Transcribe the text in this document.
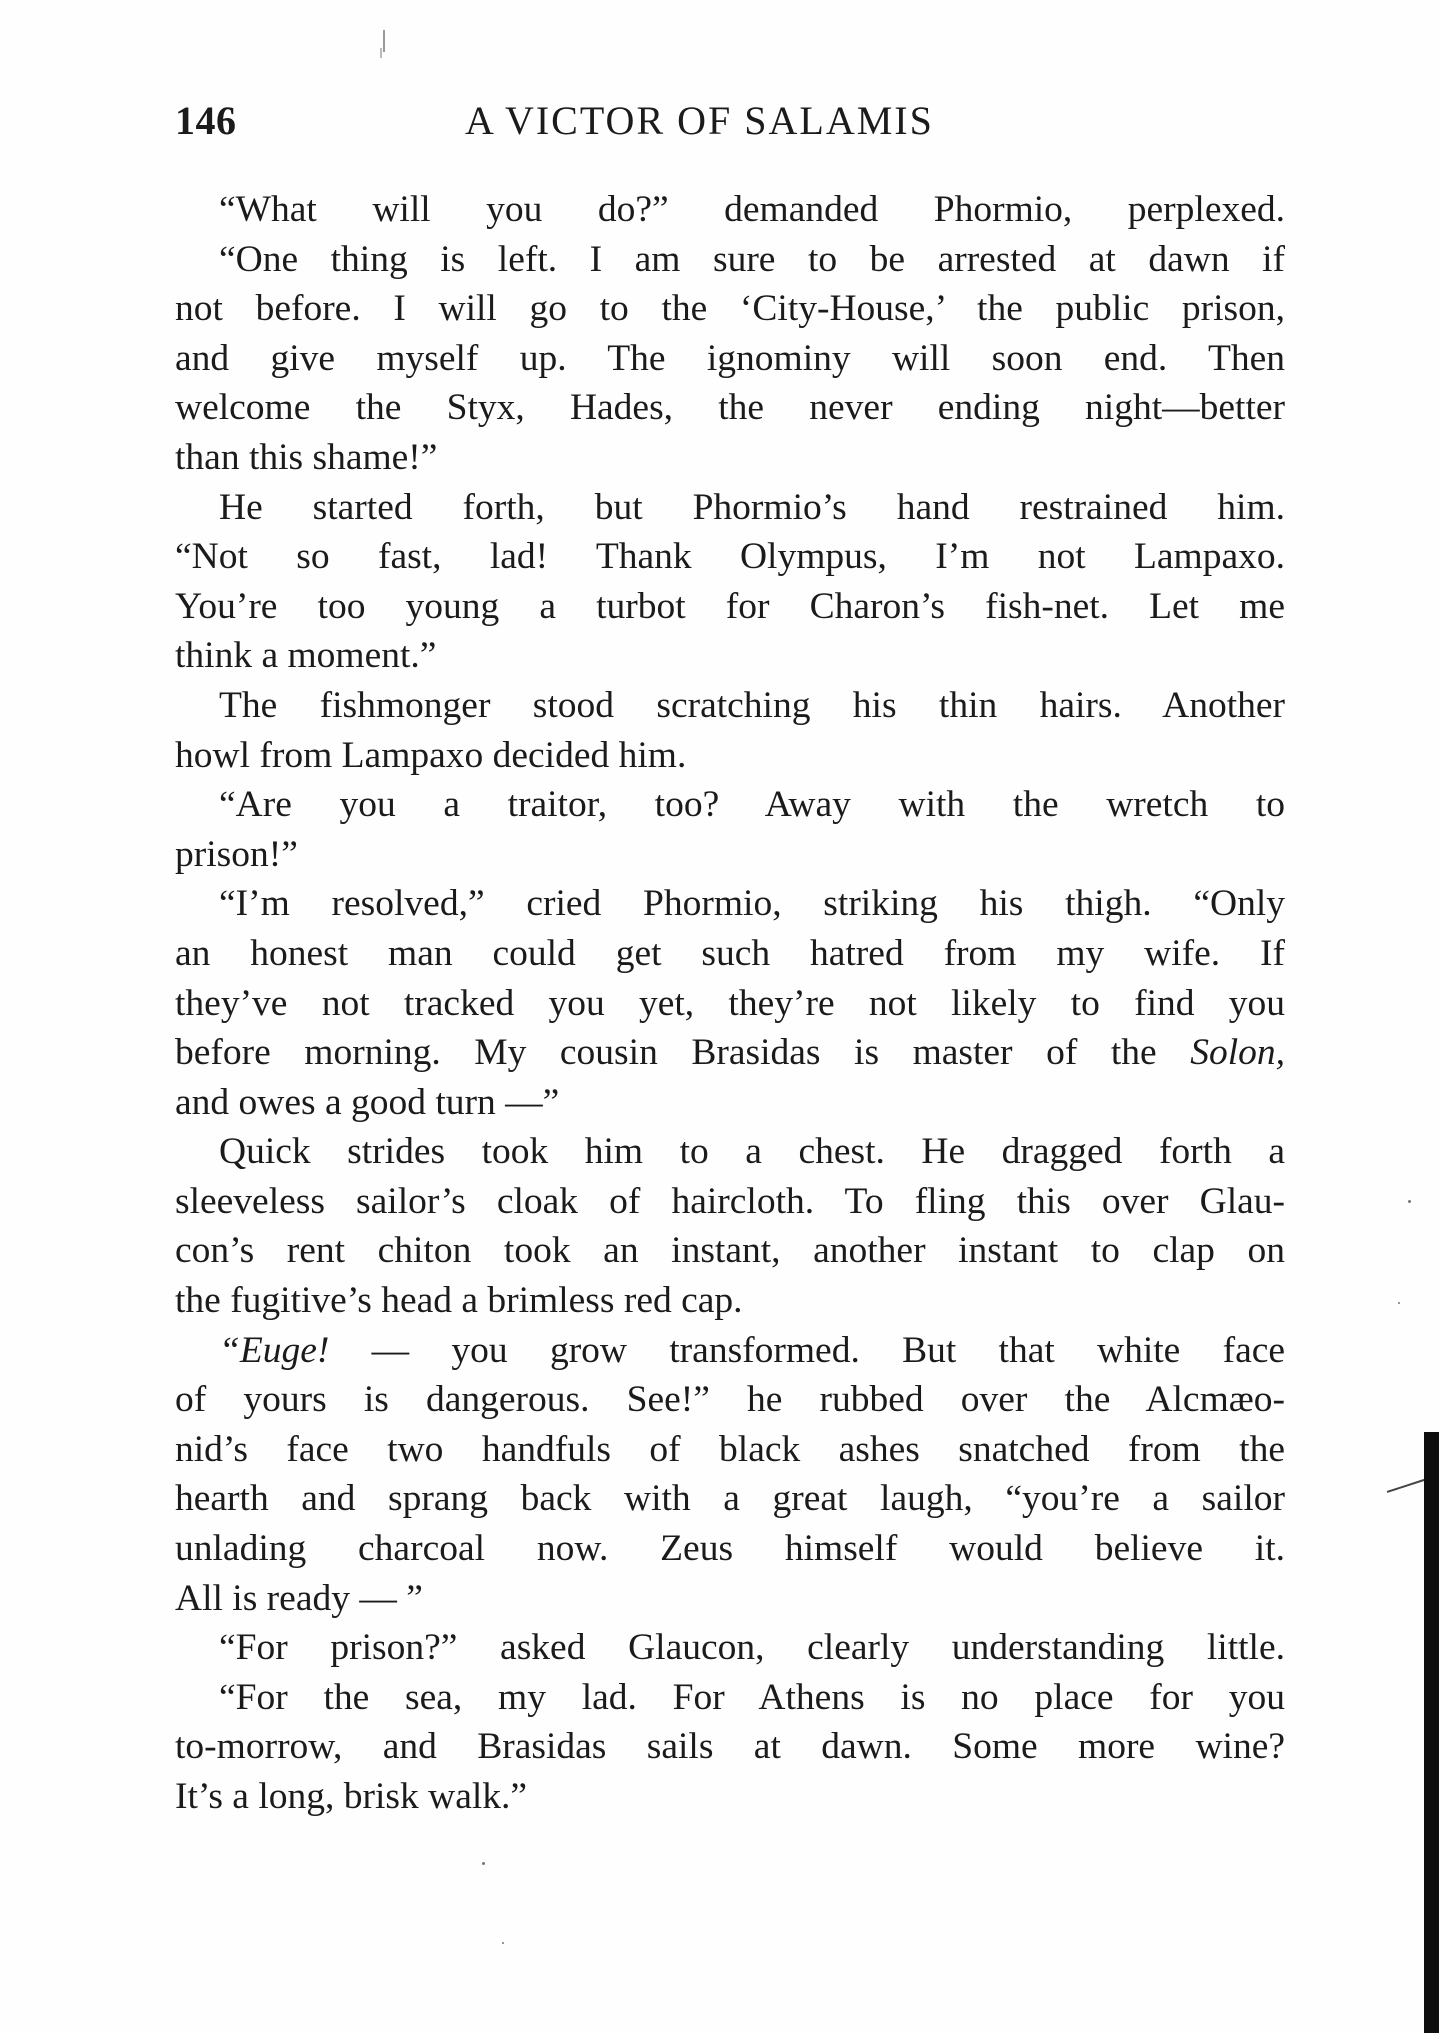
146	A VICTOR OF SALAMIS
“What will you do?” demanded Phormio, perplexed.
“One thing is left. I am sure to be arrested at dawn if
not before. I will go to the ‘City-House,’ the public prison,
and give myself up. The ignominy will soon end. Then
welcome the Styx, Hades, the never ending night—better
than this shame!”
He started forth, but Phormio’s hand restrained him.
“Not so fast, lad! Thank Olympus, I’m not Lampaxo.
You’re too young a turbot for Charon’s fish-net. Let me
think a moment.”
The fishmonger stood scratching his thin hairs. Another
howl from Lampaxo decided him.
“Are you a traitor, too? Away with the wretch to
prison!”
“I’m resolved,” cried Phormio, striking his thigh. “Only
an honest man could get such hatred from my wife. If
they’ve not tracked you yet, they’re not likely to find you
before morning. My cousin Brasidas is master of the Solon,
and owes a good turn —”
Quick strides took him to a chest. He dragged forth a
sleeveless sailor’s cloak of haircloth. To fling this over Glau-
con’s rent chiton took an instant, another instant to clap on
the fugitive’s head a brimless red cap.
“Euge! — you grow transformed. But that white face
of yours is dangerous. See!” he rubbed over the Alcmæo-
nid’s face two handfuls of black ashes snatched from the
hearth and sprang back with a great laugh, “you’re a sailor
unlading charcoal now. Zeus himself would believe it.
All is ready — ”
“For prison?” asked Glaucon, clearly understanding little.
“For the sea, my lad. For Athens is no place for you
to-morrow, and Brasidas sails at dawn. Some more wine?
It’s a long, brisk walk.”
